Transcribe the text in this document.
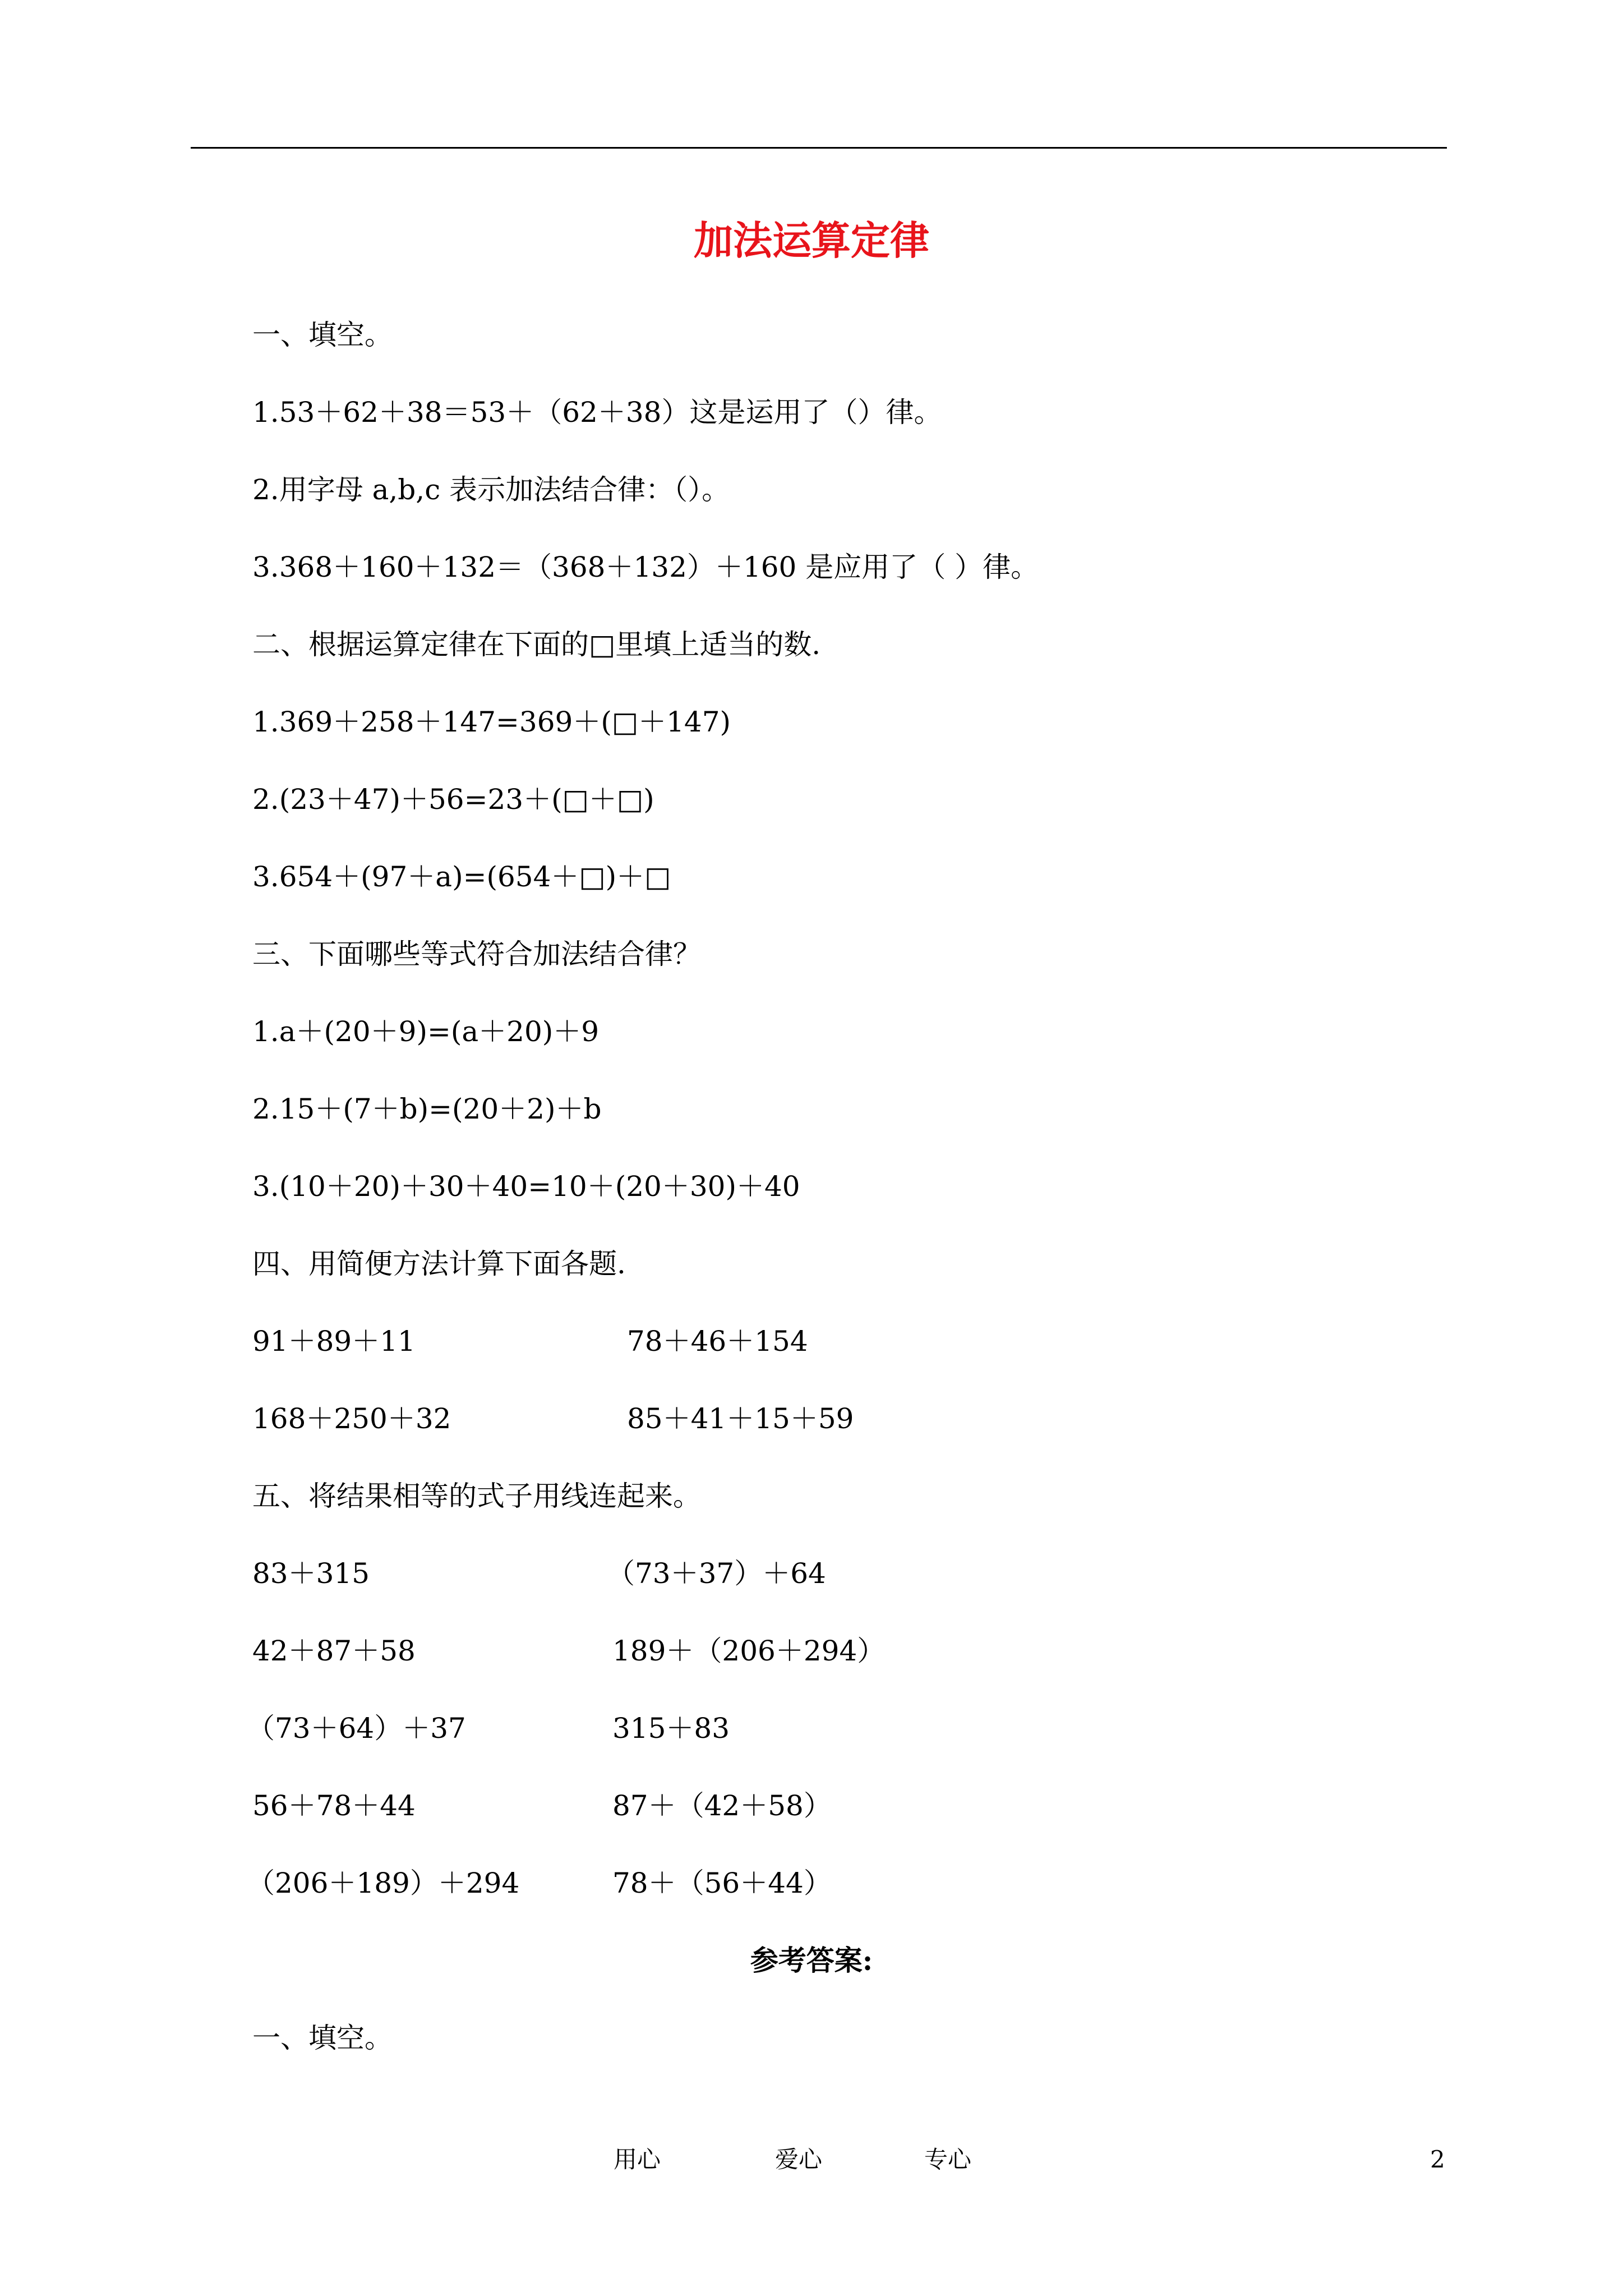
加法运算定律
一、填空。
1.53＋62＋38＝53＋（62＋38）这是运用了（）律。
2.用字母 a,b,c 表示加法结合律：（）。
3.368＋160＋132＝（368＋132）＋160 是应用了（ ）律。
二、根据运算定律在下面的□里填上适当的数.
1.369＋258＋147=369＋(□＋147)
2.(23＋47)＋56=23＋(□＋□)
3.654＋(97＋a)=(654＋□)＋□
三、下面哪些等式符合加法结合律？
1.a＋(20＋9)=(a＋20)＋9
2.15＋(7＋b)=(20＋2)＋b
3.(10＋20)＋30＋40=10＋(20＋30)＋40
四、用简便方法计算下面各题.
91＋89＋11	78＋46＋154
168＋250＋32	85＋41＋15＋59
五、将结果相等的式子用线连起来。
83＋315	（73＋37）＋64
42＋87＋58	189＋（206＋294）
（73＋64）＋37	315＋83
56＋78＋44	87＋（42＋58）
（206＋189）＋294	78＋（56＋44）
参考答案:
一、填空。
用心	爱心	专心	2
